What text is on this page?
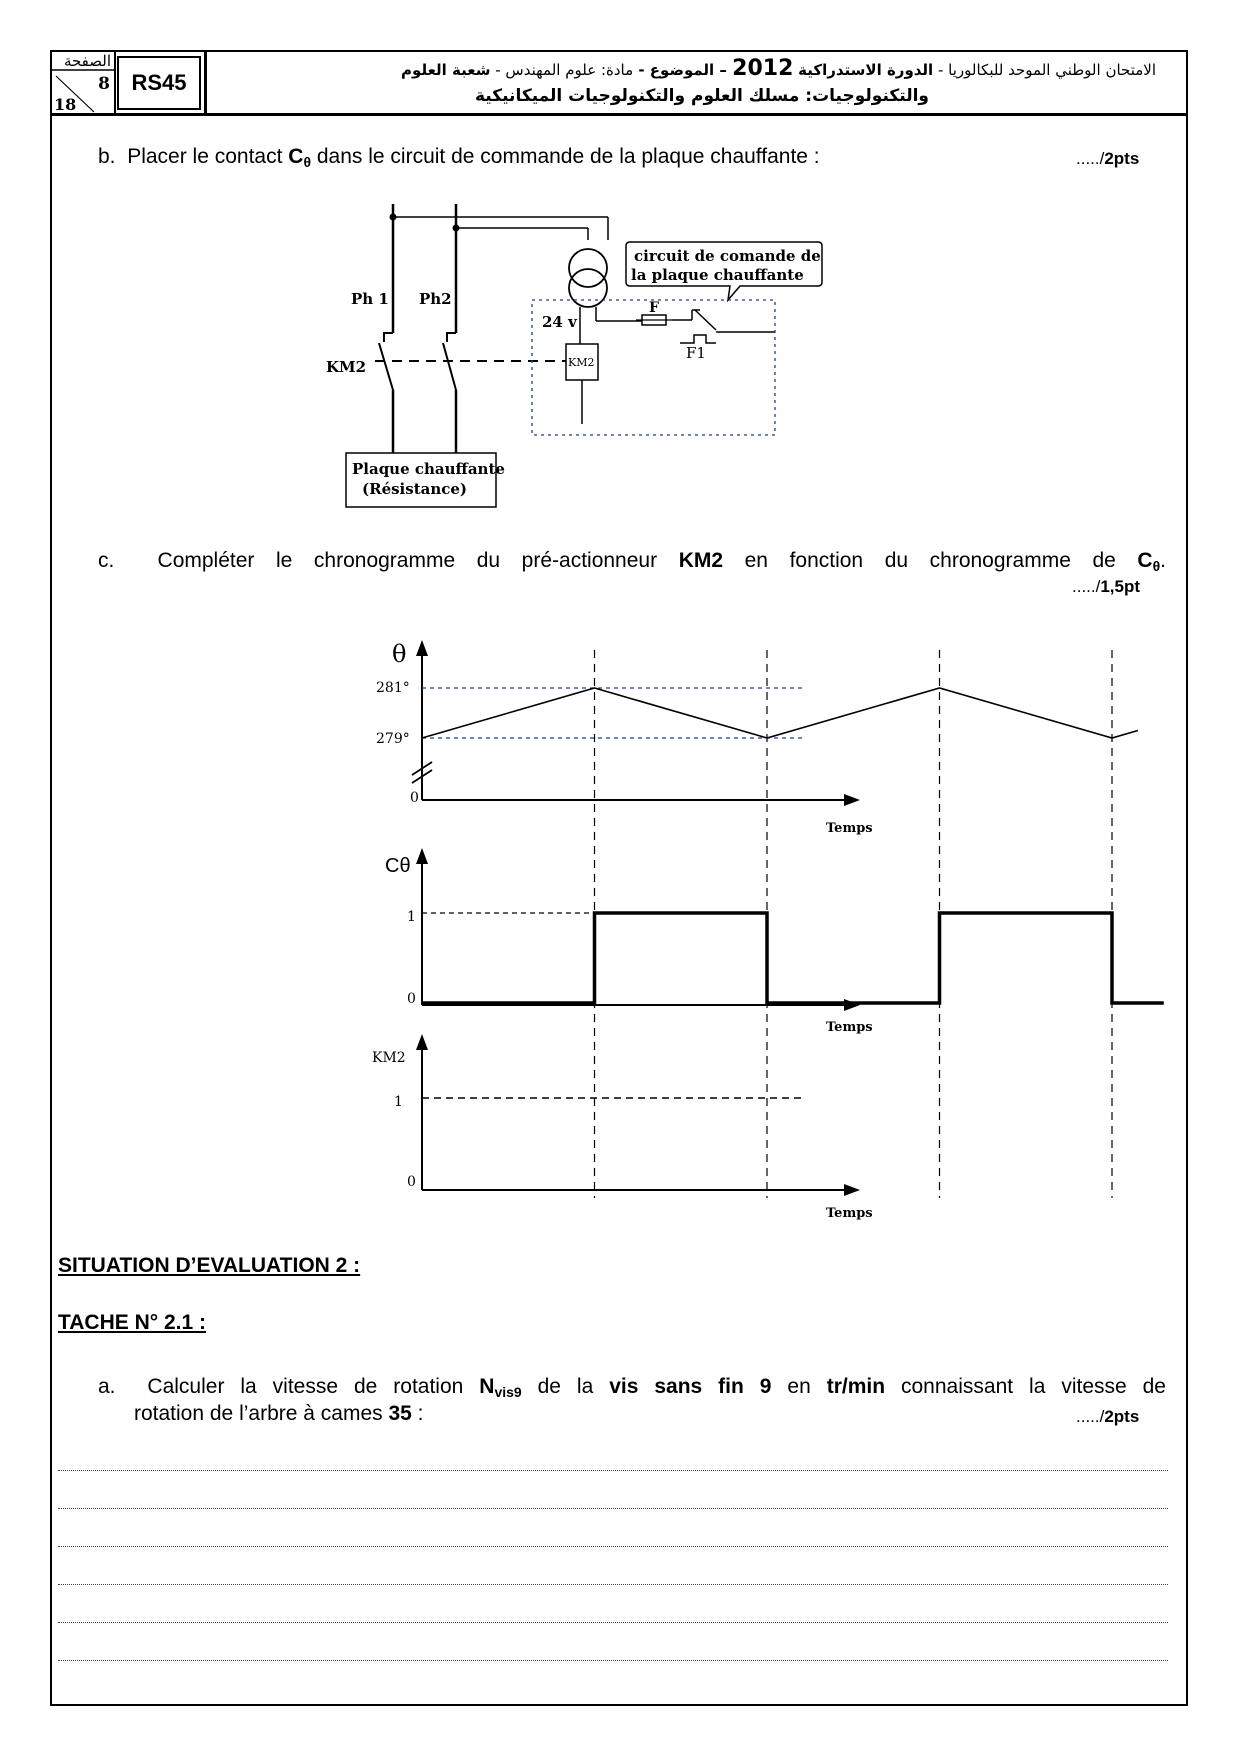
الصفحة
8
18
RS45	الامتحان الوطني الموحد للبكالوريا - الدورة الاستدراكية 2012 – الموضوع - مادة: علوم المهندس - شعبة العلوم
والتكنولوجيات: مسلك العلوم والتكنولوجيات الميكانيكية
b. Placer le contact Cθ dans le circuit de commande de la plaque chauffante :	...../2pts
Ph 1 Ph2
KM2	KM2
24 v
F
F1
circuit de comande de
la plaque chauffante
Plaque chauffante
(Résistance)
c. Compléter le chronogramme du pré-actionneur KM2 en fonction du chronogramme de Cθ.
...../1,5pt
θ
281°
279°
0
Temps
Cθ
1
0
Temps
KM2
1
0
Temps
SITUATION D’EVALUATION 2 :
TACHE N° 2.1 :
a. Calculer la vitesse de rotation Nvis9 de la vis sans fin 9 en tr/min connaissant la vitesse de
rotation de l’arbre à cames 35 :	...../2pts
